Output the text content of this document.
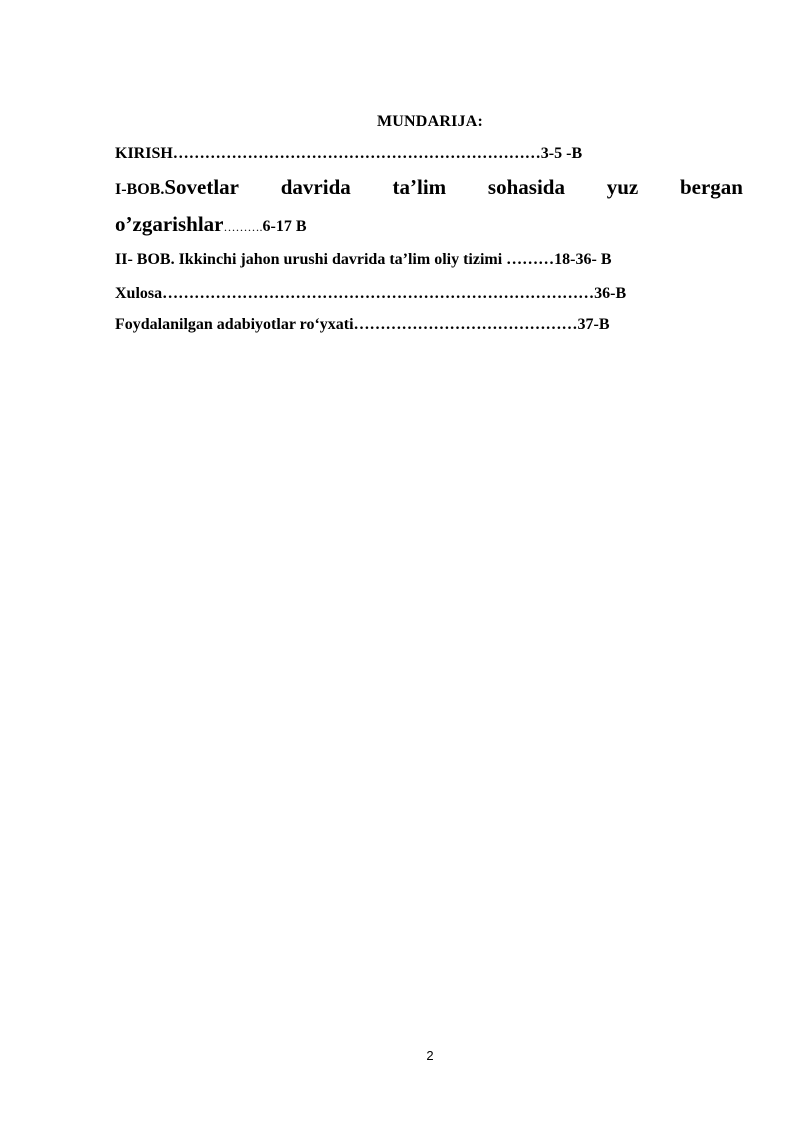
MUNDARIJA:
KIRISH……………………………………………………………3-5 -B
I-BOB.Sovetlar davrida ta’lim sohasida yuz bergan
o’zgarishlar……….6-17 B
II- BOB. Ikkinchi jahon urushi davrida ta’lim oliy tizimi ………18-36- B
Xulosa………………………………………………………………………36-B
Foydalanilgan adabiyotlar ro‘yxati……………………………………37-B
2
